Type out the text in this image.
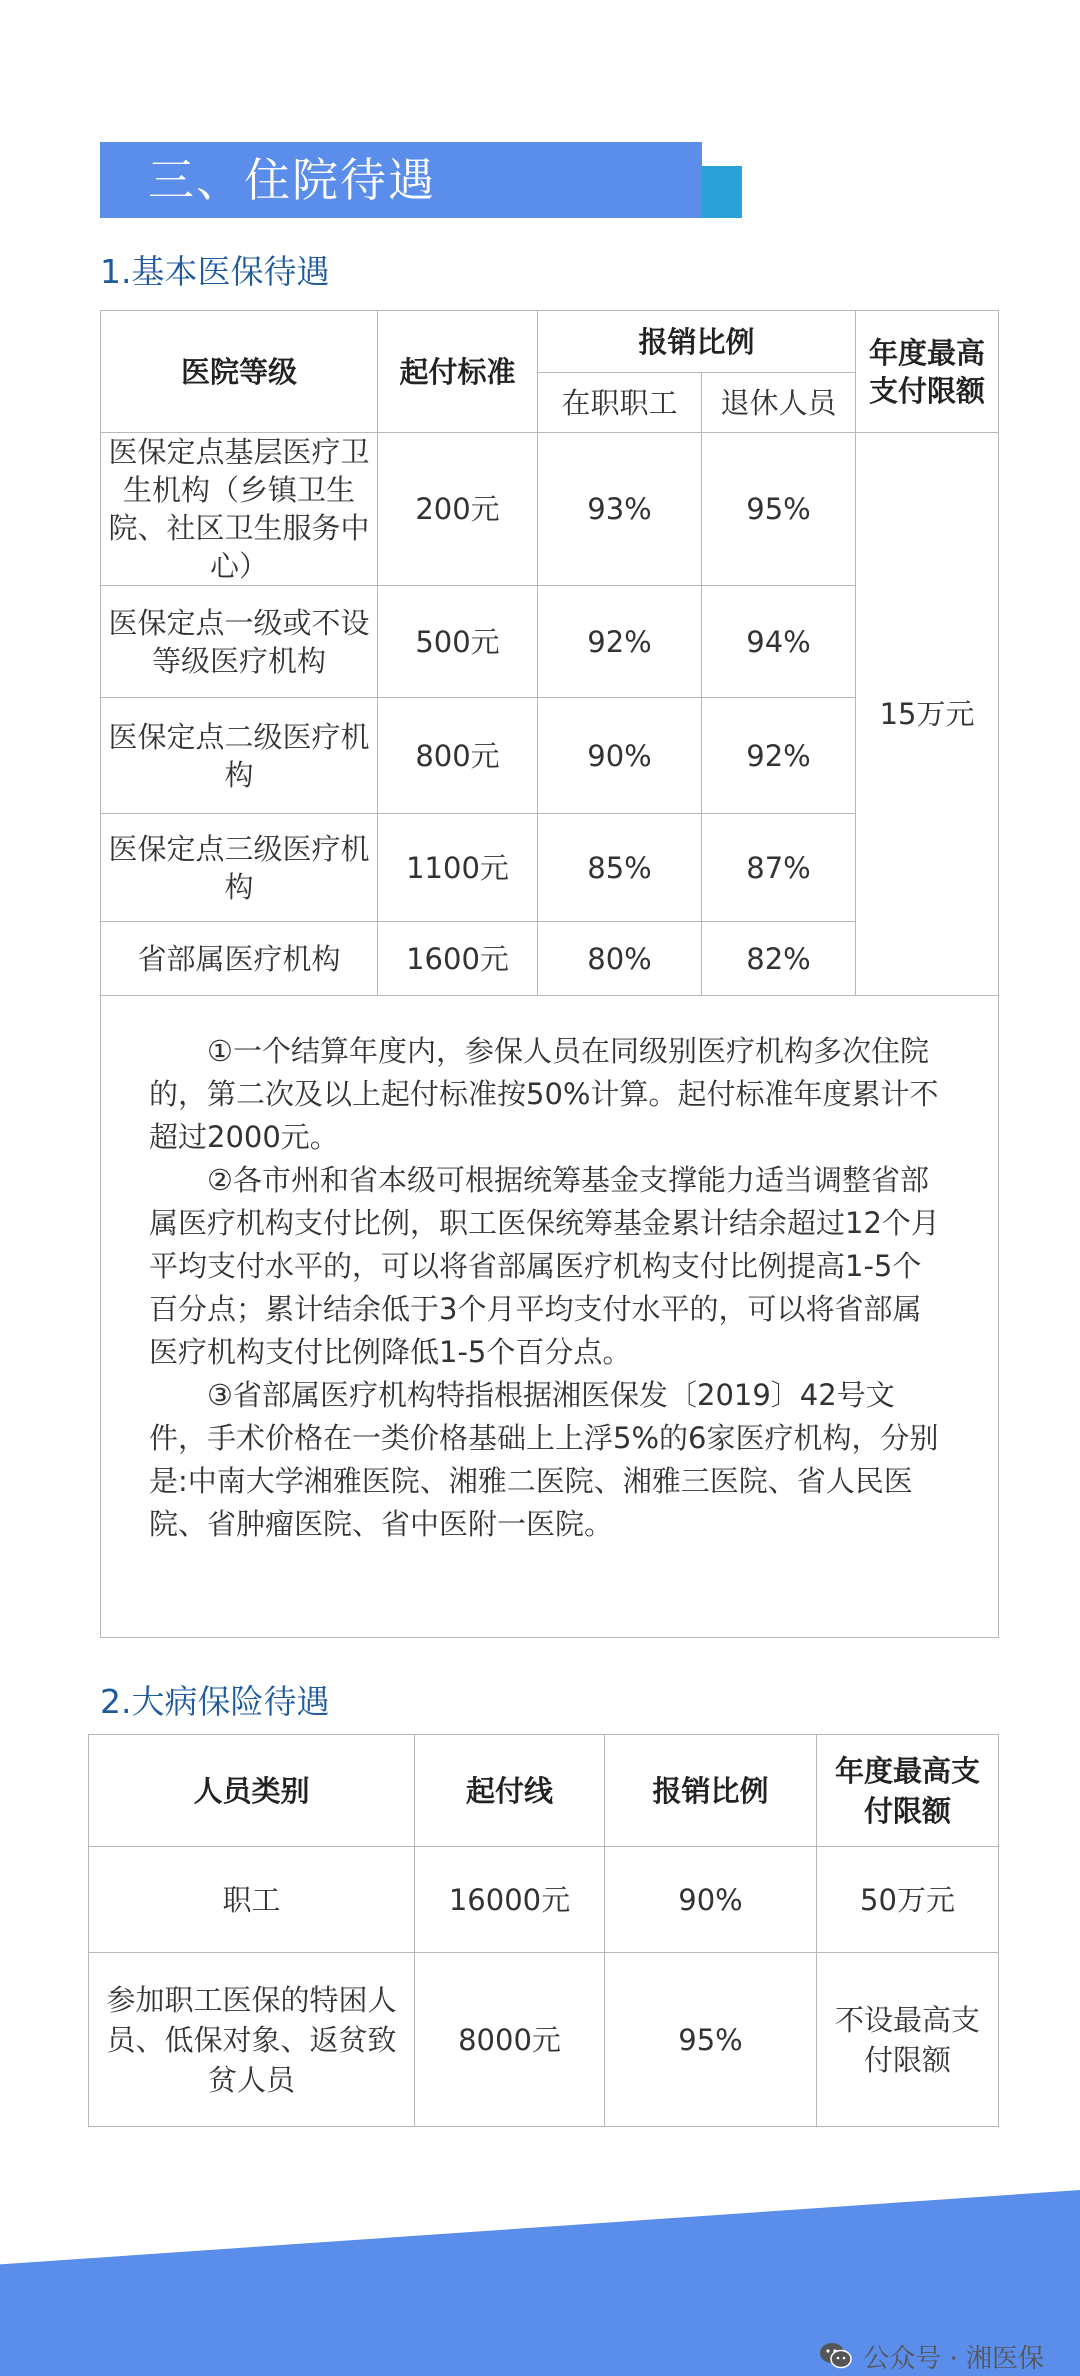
三、住院待遇
1.基本医保待遇
医院等级	起付标准	报销比例		年度最高支付限额
		在职职工	退休人员	
医保定点基层医疗卫生机构（乡镇卫生院、社区卫生服务中心）	200元	93%	95%	15万元
医保定点一级或不设等级医疗机构	500元	92%	94%	
医保定点二级医疗机构	800元	90%	92%	
医保定点三级医疗机构	1100元	85%	87%	
省部属医疗机构	1600元	80%	82%	

①一个结算年度内，参保人员在同级别医疗机构多次住院的，第二次及以上起付标准按50%计算。起付标准年度累计不超过2000元。

②各市州和省本级可根据统筹基金支撑能力适当调整省部属医疗机构支付比例，职工医保统筹基金累计结余超过12个月平均支付水平的，可以将省部属医疗机构支付比例提高1-5个百分点；累计结余低于3个月平均支付水平的，可以将省部属医疗机构支付比例降低1-5个百分点。

③省部属医疗机构特指根据湘医保发〔2019〕42号文件，手术价格在一类价格基础上上浮5%的6家医疗机构，分别是:中南大学湘雅医院、湘雅二医院、湘雅三医院、省人民医院、省肿瘤医院、省中医附一医院。				

2.大病保险待遇
人员类别	起付线	报销比例	年度最高支付限额
职工	16000元	90%	50万元
参加职工医保的特困人员、低保对象、返贫致贫人员	8000元	95%	不设最高支付限额
公众号 · 湘医保
